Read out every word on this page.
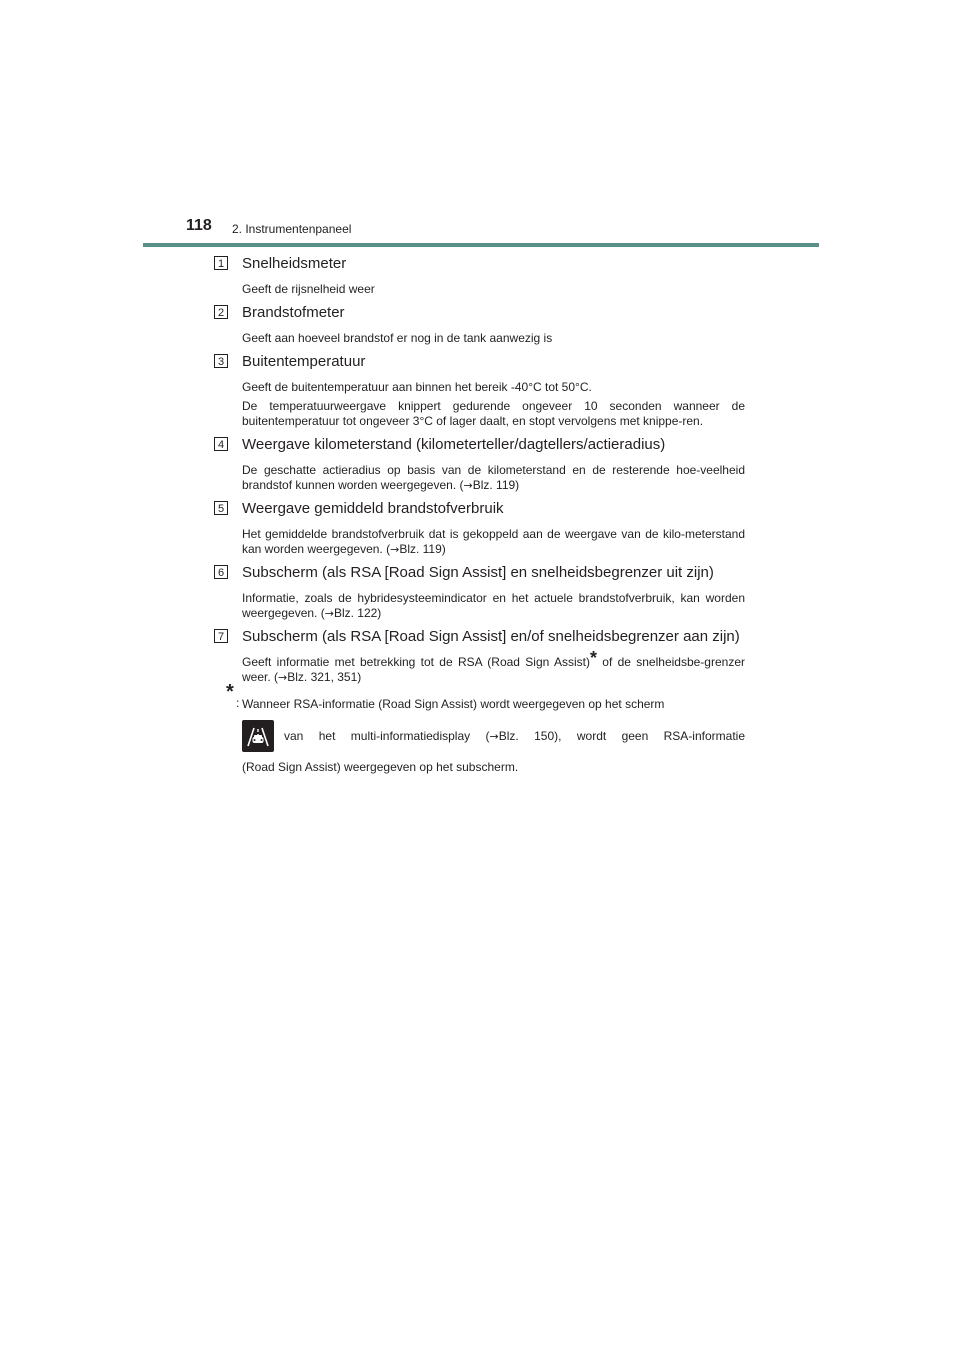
118 2. Instrumentenpaneel
1 Snelheidsmeter

Geeft de rijsnelheid weer

2 Brandstofmeter

Geeft aan hoeveel brandstof er nog in de tank aanwezig is

3 Buitentemperatuur

Geeft de buitentemperatuur aan binnen het bereik -40°C tot 50°C.

De temperatuurweergave knippert gedurende ongeveer 10 seconden wanneer de buitentemperatuur tot ongeveer 3°C of lager daalt, en stopt vervolgens met knippe-ren.

4 Weergave kilometerstand (kilometerteller/dagtellers/actieradius)

De geschatte actieradius op basis van de kilometerstand en de resterende hoe-veelheid brandstof kunnen worden weergegeven. (→Blz. 119)

5 Weergave gemiddeld brandstofverbruik

Het gemiddelde brandstofverbruik dat is gekoppeld aan de weergave van de kilo-meterstand kan worden weergegeven. (→Blz. 119)

6 Subscherm (als RSA [Road Sign Assist] en snelheidsbegrenzer uit zijn)

Informatie, zoals de hybridesysteemindicator en het actuele brandstofverbruik, kan worden weergegeven. (→Blz. 122)

7 Subscherm (als RSA [Road Sign Assist] en/of snelheidsbegrenzer aan zijn)

Geeft informatie met betrekking tot de RSA (Road Sign Assist)* of de snelheidsbe-grenzer weer. (→Blz. 321, 351)

* : Wanneer RSA-informatie (Road Sign Assist) wordt weergegeven op het scherm
van het multi-informatiedisplay (→Blz. 150), wordt geen RSA-informatie
(Road Sign Assist) weergegeven op het subscherm.
